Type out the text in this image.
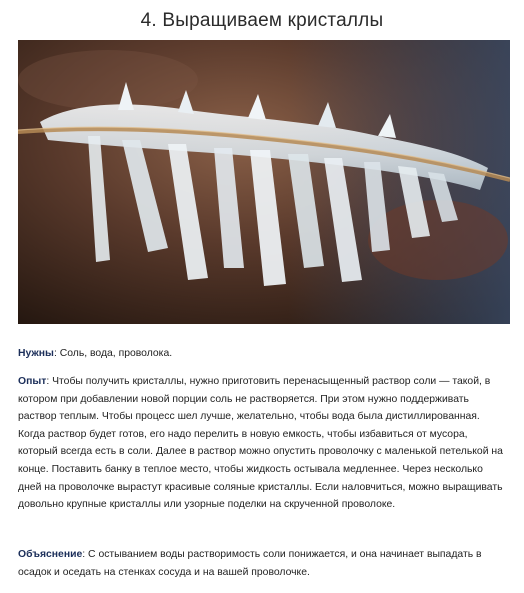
4. Выращиваем кристаллы
Нужны: Соль, вода, проволока.
Опыт: Чтобы получить кристаллы, нужно приготовить перенасыщенный раствор соли — такой, в котором при добавлении новой порции соль не растворяется. При этом нужно поддерживать раствор теплым. Чтобы процесс шел лучше, желательно, чтобы вода была дистиллированная. Когда раствор будет готов, его надо перелить в новую емкость, чтобы избавиться от мусора, который всегда есть в соли. Далее в раствор можно опустить проволочку с маленькой петелькой на конце. Поставить банку в теплое место, чтобы жидкость остывала медленнее. Через несколько дней на проволочке вырастут красивые соляные кристаллы. Если наловчиться, можно выращивать довольно крупные кристаллы или узорные поделки на скрученной проволоке.
Объяснение: С остыванием воды растворимость соли понижается, и она начинает выпадать в осадок и оседать на стенках сосуда и на вашей проволочке.
